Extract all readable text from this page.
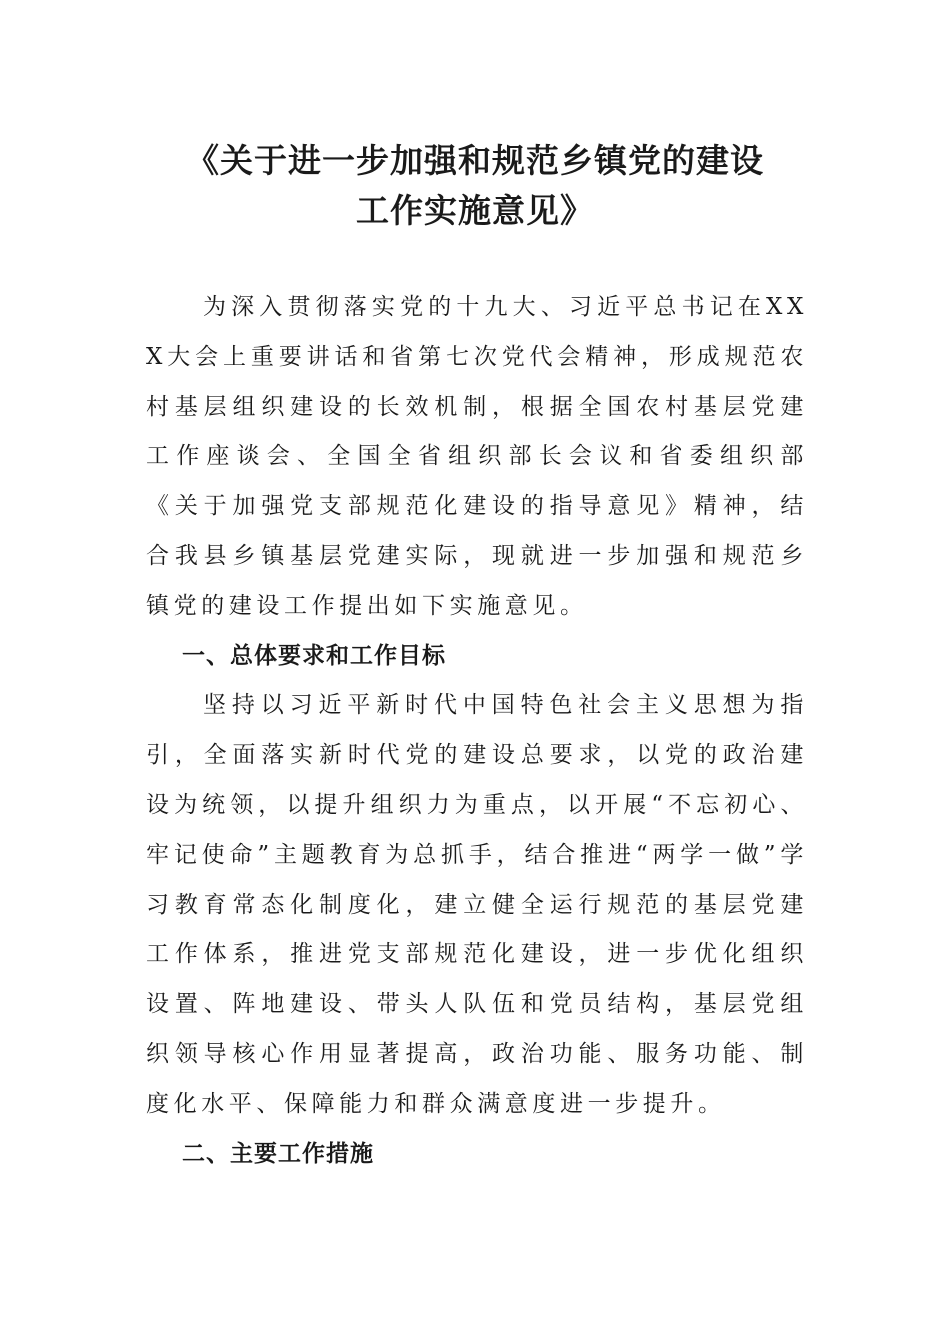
《关于进一步加强和规范乡镇党的建设
工作实施意见》

为深入贯彻落实党的十九大、习近平总书记在XXX大会上重要讲话和省第七次党代会精神，形成规范农村基层组织建设的长效机制，根据全国农村基层党建工作座谈会、全国全省组织部长会议和省委组织部《关于加强党支部规范化建设的指导意见》精神，结合我县乡镇基层党建实际，现就进一步加强和规范乡镇党的建设工作提出如下实施意见。

一、总体要求和工作目标

坚持以习近平新时代中国特色社会主义思想为指引，全面落实新时代党的建设总要求，以党的政治建设为统领，以提升组织力为重点，以开展“不忘初心、牢记使命”主题教育为总抓手，结合推进“两学一做”学习教育常态化制度化，建立健全运行规范的基层党建工作体系，推进党支部规范化建设，进一步优化组织设置、阵地建设、带头人队伍和党员结构，基层党组织领导核心作用显著提高，政治功能、服务功能、制度化水平、保障能力和群众满意度进一步提升。

二、主要工作措施
